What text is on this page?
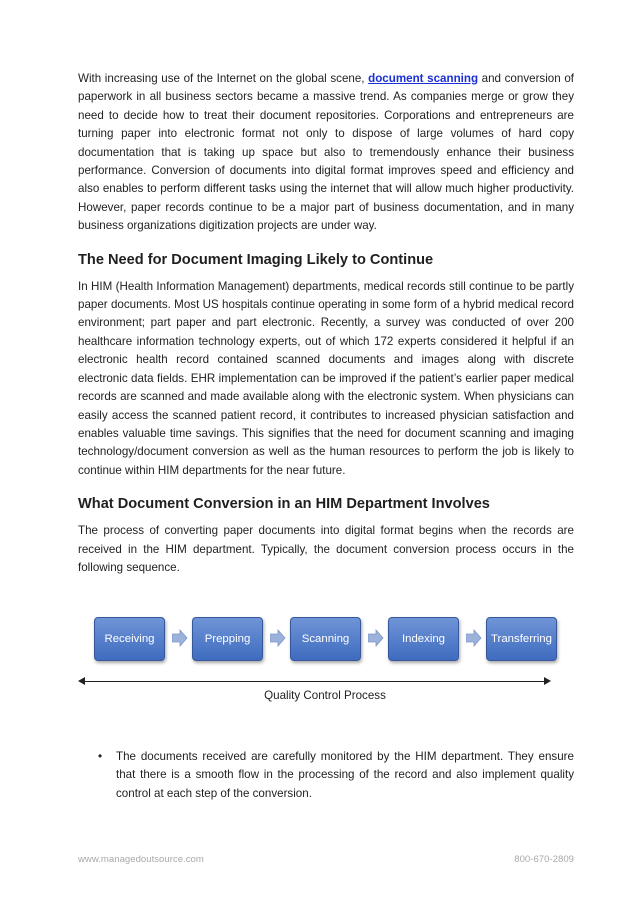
With increasing use of the Internet on the global scene, document scanning and conversion of paperwork in all business sectors became a massive trend. As companies merge or grow they need to decide how to treat their document repositories. Corporations and entrepreneurs are turning paper into electronic format not only to dispose of large volumes of hard copy documentation that is taking up space but also to tremendously enhance their business performance. Conversion of documents into digital format improves speed and efficiency and also enables to perform different tasks using the internet that will allow much higher productivity. However, paper records continue to be a major part of business documentation, and in many business organizations digitization projects are under way.

The Need for Document Imaging Likely to Continue

In HIM (Health Information Management) departments, medical records still continue to be partly paper documents. Most US hospitals continue operating in some form of a hybrid medical record environment; part paper and part electronic. Recently, a survey was conducted of over 200 healthcare information technology experts, out of which 172 experts considered it helpful if an electronic health record contained scanned documents and images along with discrete electronic data fields. EHR implementation can be improved if the patient’s earlier paper medical records are scanned and made available along with the electronic system. When physicians can easily access the scanned patient record, it contributes to increased physician satisfaction and enables valuable time savings. This signifies that the need for document scanning and imaging technology/document conversion as well as the human resources to perform the job is likely to continue within HIM departments for the near future.

What Document Conversion in an HIM Department Involves

The process of converting paper documents into digital format begins when the records are received in the HIM department. Typically, the document conversion process occurs in the following sequence.

Receiving	Prepping	Scanning	Indexing	Transferring
Quality Control Process
• The documents received are carefully monitored by the HIM department. They ensure that there is a smooth flow in the processing of the record and also implement quality control at each step of the conversion.
www.managedoutsource.com	800-670-2809
